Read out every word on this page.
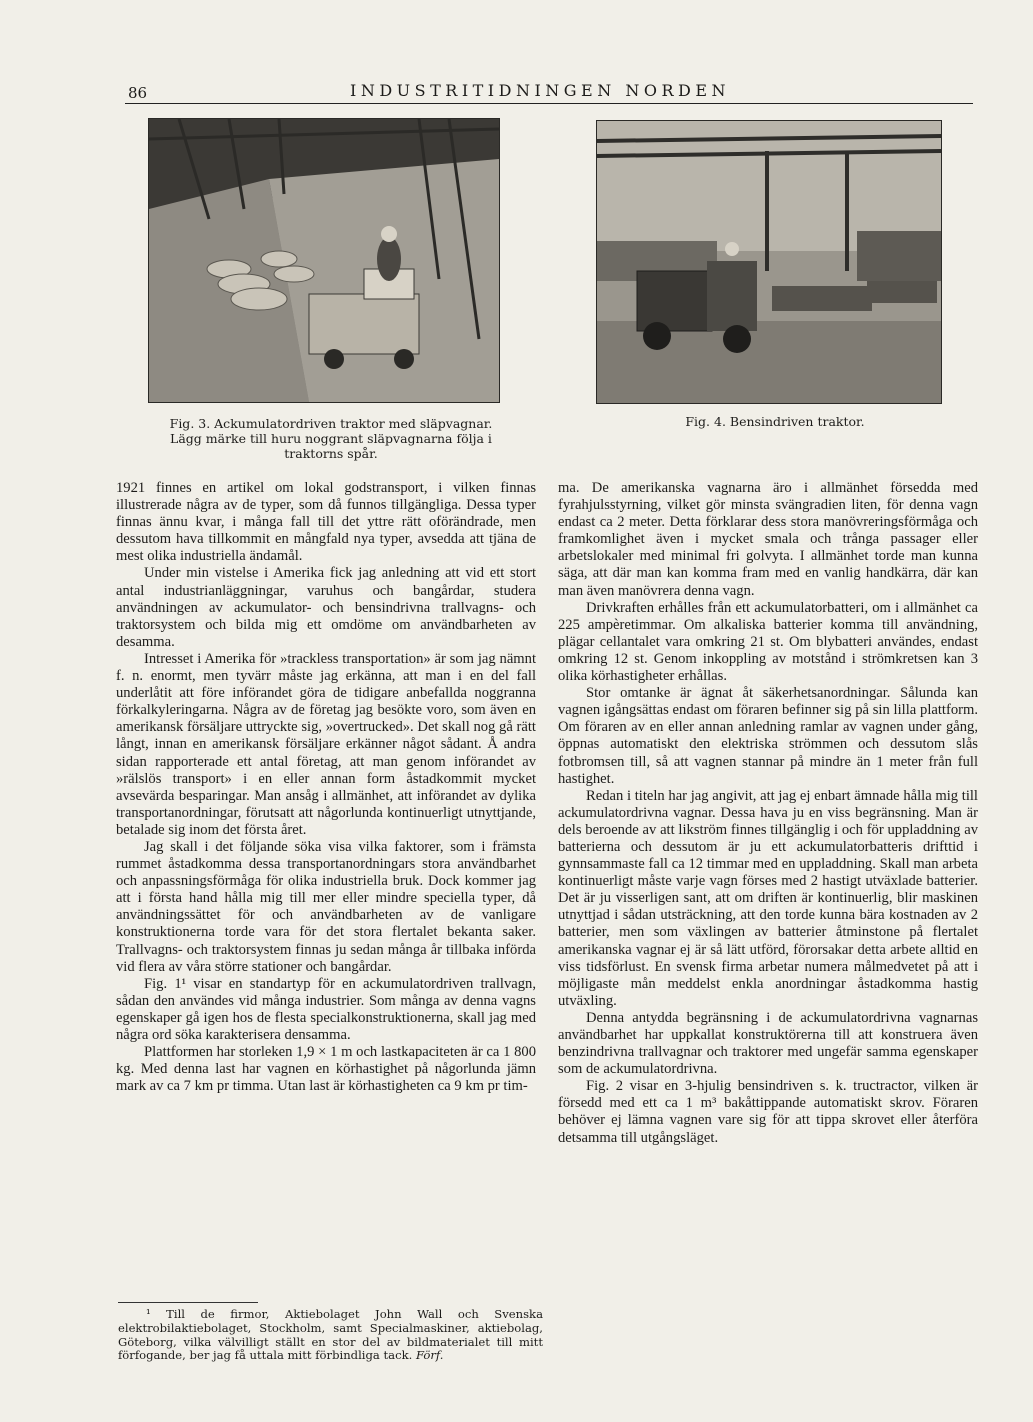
86	INDUSTRITIDNINGEN NORDEN
Fig. 3. Ackumulatordriven traktor med släpvagnar.
Lägg märke till huru noggrant släpvagnarna följa i
traktorns spår.
Fig. 4. Bensindriven traktor.

1921 finnes en artikel om lokal godstransport, i vilken finnas illustrerade några av de typer, som då funnos tillgängliga. Dessa typer finnas ännu kvar, i många fall till det yttre rätt oförändrade, men dessutom hava tillkommit en mångfald nya typer, avsedda att tjäna de mest olika industriella ändamål.

Under min vistelse i Amerika fick jag anledning att vid ett stort antal industrianläggningar, varuhus och bangårdar, studera användningen av ackumulator- och bensindrivna trallvagns- och traktorsystem och bilda mig ett omdöme om användbarheten av desamma.

Intresset i Amerika för »trackless transportation» är som jag nämnt f. n. enormt, men tyvärr måste jag erkänna, att man i en del fall underlåtit att före införandet göra de tidigare anbefallda noggranna förkalkyleringarna. Några av de företag jag besökte voro, som även en amerikansk försäljare uttryckte sig, »overtrucked». Det skall nog gå rätt långt, innan en amerikansk försäljare erkänner något sådant. Å andra sidan rapporterade ett antal företag, att man genom införandet av »rälslös transport» i en eller annan form åstadkommit mycket avsevärda besparingar. Man ansåg i allmänhet, att införandet av dylika transportanordningar, förutsatt att någorlunda kontinuerligt utnyttjande, betalade sig inom det första året.

Jag skall i det följande söka visa vilka faktorer, som i främsta rummet åstadkomma dessa transportanordningars stora användbarhet och anpassningsförmåga för olika industriella bruk. Dock kommer jag att i första hand hålla mig till mer eller mindre speciella typer, då användningssättet för och användbarheten av de vanligare konstruktionerna torde vara för det stora flertalet bekanta saker. Trallvagns- och traktorsystem finnas ju sedan många år tillbaka införda vid flera av våra större stationer och bangårdar.

Fig. 1¹ visar en standartyp för en ackumulatordriven trallvagn, sådan den användes vid många industrier. Som många av denna vagns egenskaper gå igen hos de flesta specialkonstruktionerna, skall jag med några ord söka karakterisera densamma.

Plattformen har storleken 1,9 × 1 m och lastkapaciteten är ca 1 800 kg. Med denna last har vagnen en körhastighet på någorlunda jämn mark av ca 7 km pr timma. Utan last är körhastigheten ca 9 km pr tim-

ma. De amerikanska vagnarna äro i allmänhet försedda med fyrahjulsstyrning, vilket gör minsta svängradien liten, för denna vagn endast ca 2 meter. Detta förklarar dess stora manövreringsförmåga och framkomlighet även i mycket smala och trånga passager eller arbetslokaler med minimal fri golvyta. I allmänhet torde man kunna säga, att där man kan komma fram med en vanlig handkärra, där kan man även manövrera denna vagn.

Drivkraften erhålles från ett ackumulatorbatteri, om i allmänhet ca 225 ampèretimmar. Om alkaliska batterier komma till användning, plägar cellantalet vara omkring 21 st. Om blybatteri användes, endast omkring 12 st. Genom inkoppling av motstånd i strömkretsen kan 3 olika körhastigheter erhållas.

Stor omtanke är ägnat åt säkerhetsanordningar. Sålunda kan vagnen igångsättas endast om föraren befinner sig på sin lilla plattform. Om föraren av en eller annan anledning ramlar av vagnen under gång, öppnas automatiskt den elektriska strömmen och dessutom slås fotbromsen till, så att vagnen stannar på mindre än 1 meter från full hastighet.

Redan i titeln har jag angivit, att jag ej enbart ämnade hålla mig till ackumulatordrivna vagnar. Dessa hava ju en viss begränsning. Man är dels beroende av att likström finnes tillgänglig i och för uppladdning av batterierna och dessutom är ju ett ackumulatorbatteris drifttid i gynnsammaste fall ca 12 timmar med en uppladdning. Skall man arbeta kontinuerligt måste varje vagn förses med 2 hastigt utväxlade batterier. Det är ju visserligen sant, att om driften är kontinuerlig, blir maskinen utnyttjad i sådan utsträckning, att den torde kunna bära kostnaden av 2 batterier, men som växlingen av batterier åtminstone på flertalet amerikanska vagnar ej är så lätt utförd, förorsakar detta arbete alltid en viss tidsförlust. En svensk firma arbetar numera målmedvetet på att i möjligaste mån meddelst enkla anordningar åstadkomma hastig utväxling.

Denna antydda begränsning i de ackumulatordrivna vagnarnas användbarhet har uppkallat konstruktörerna till att konstruera även benzindrivna trallvagnar och traktorer med ungefär samma egenskaper som de ackumulatordrivna.

Fig. 2 visar en 3-hjulig bensindriven s. k. tructractor, vilken är försedd med ett ca 1 m³ bakåttippande automatiskt skrov. Föraren behöver ej lämna vagnen vare sig för att tippa skrovet eller återföra detsamma till utgångsläget.

¹ Till de firmor, Aktiebolaget John Wall och Svenska elektrobilaktiebolaget, Stockholm, samt Specialmaskiner, aktiebolag, Göteborg, vilka välvilligt ställt en stor del av bildmaterialet till mitt förfogande, ber jag få uttala mitt förbindliga tack. Förf.
